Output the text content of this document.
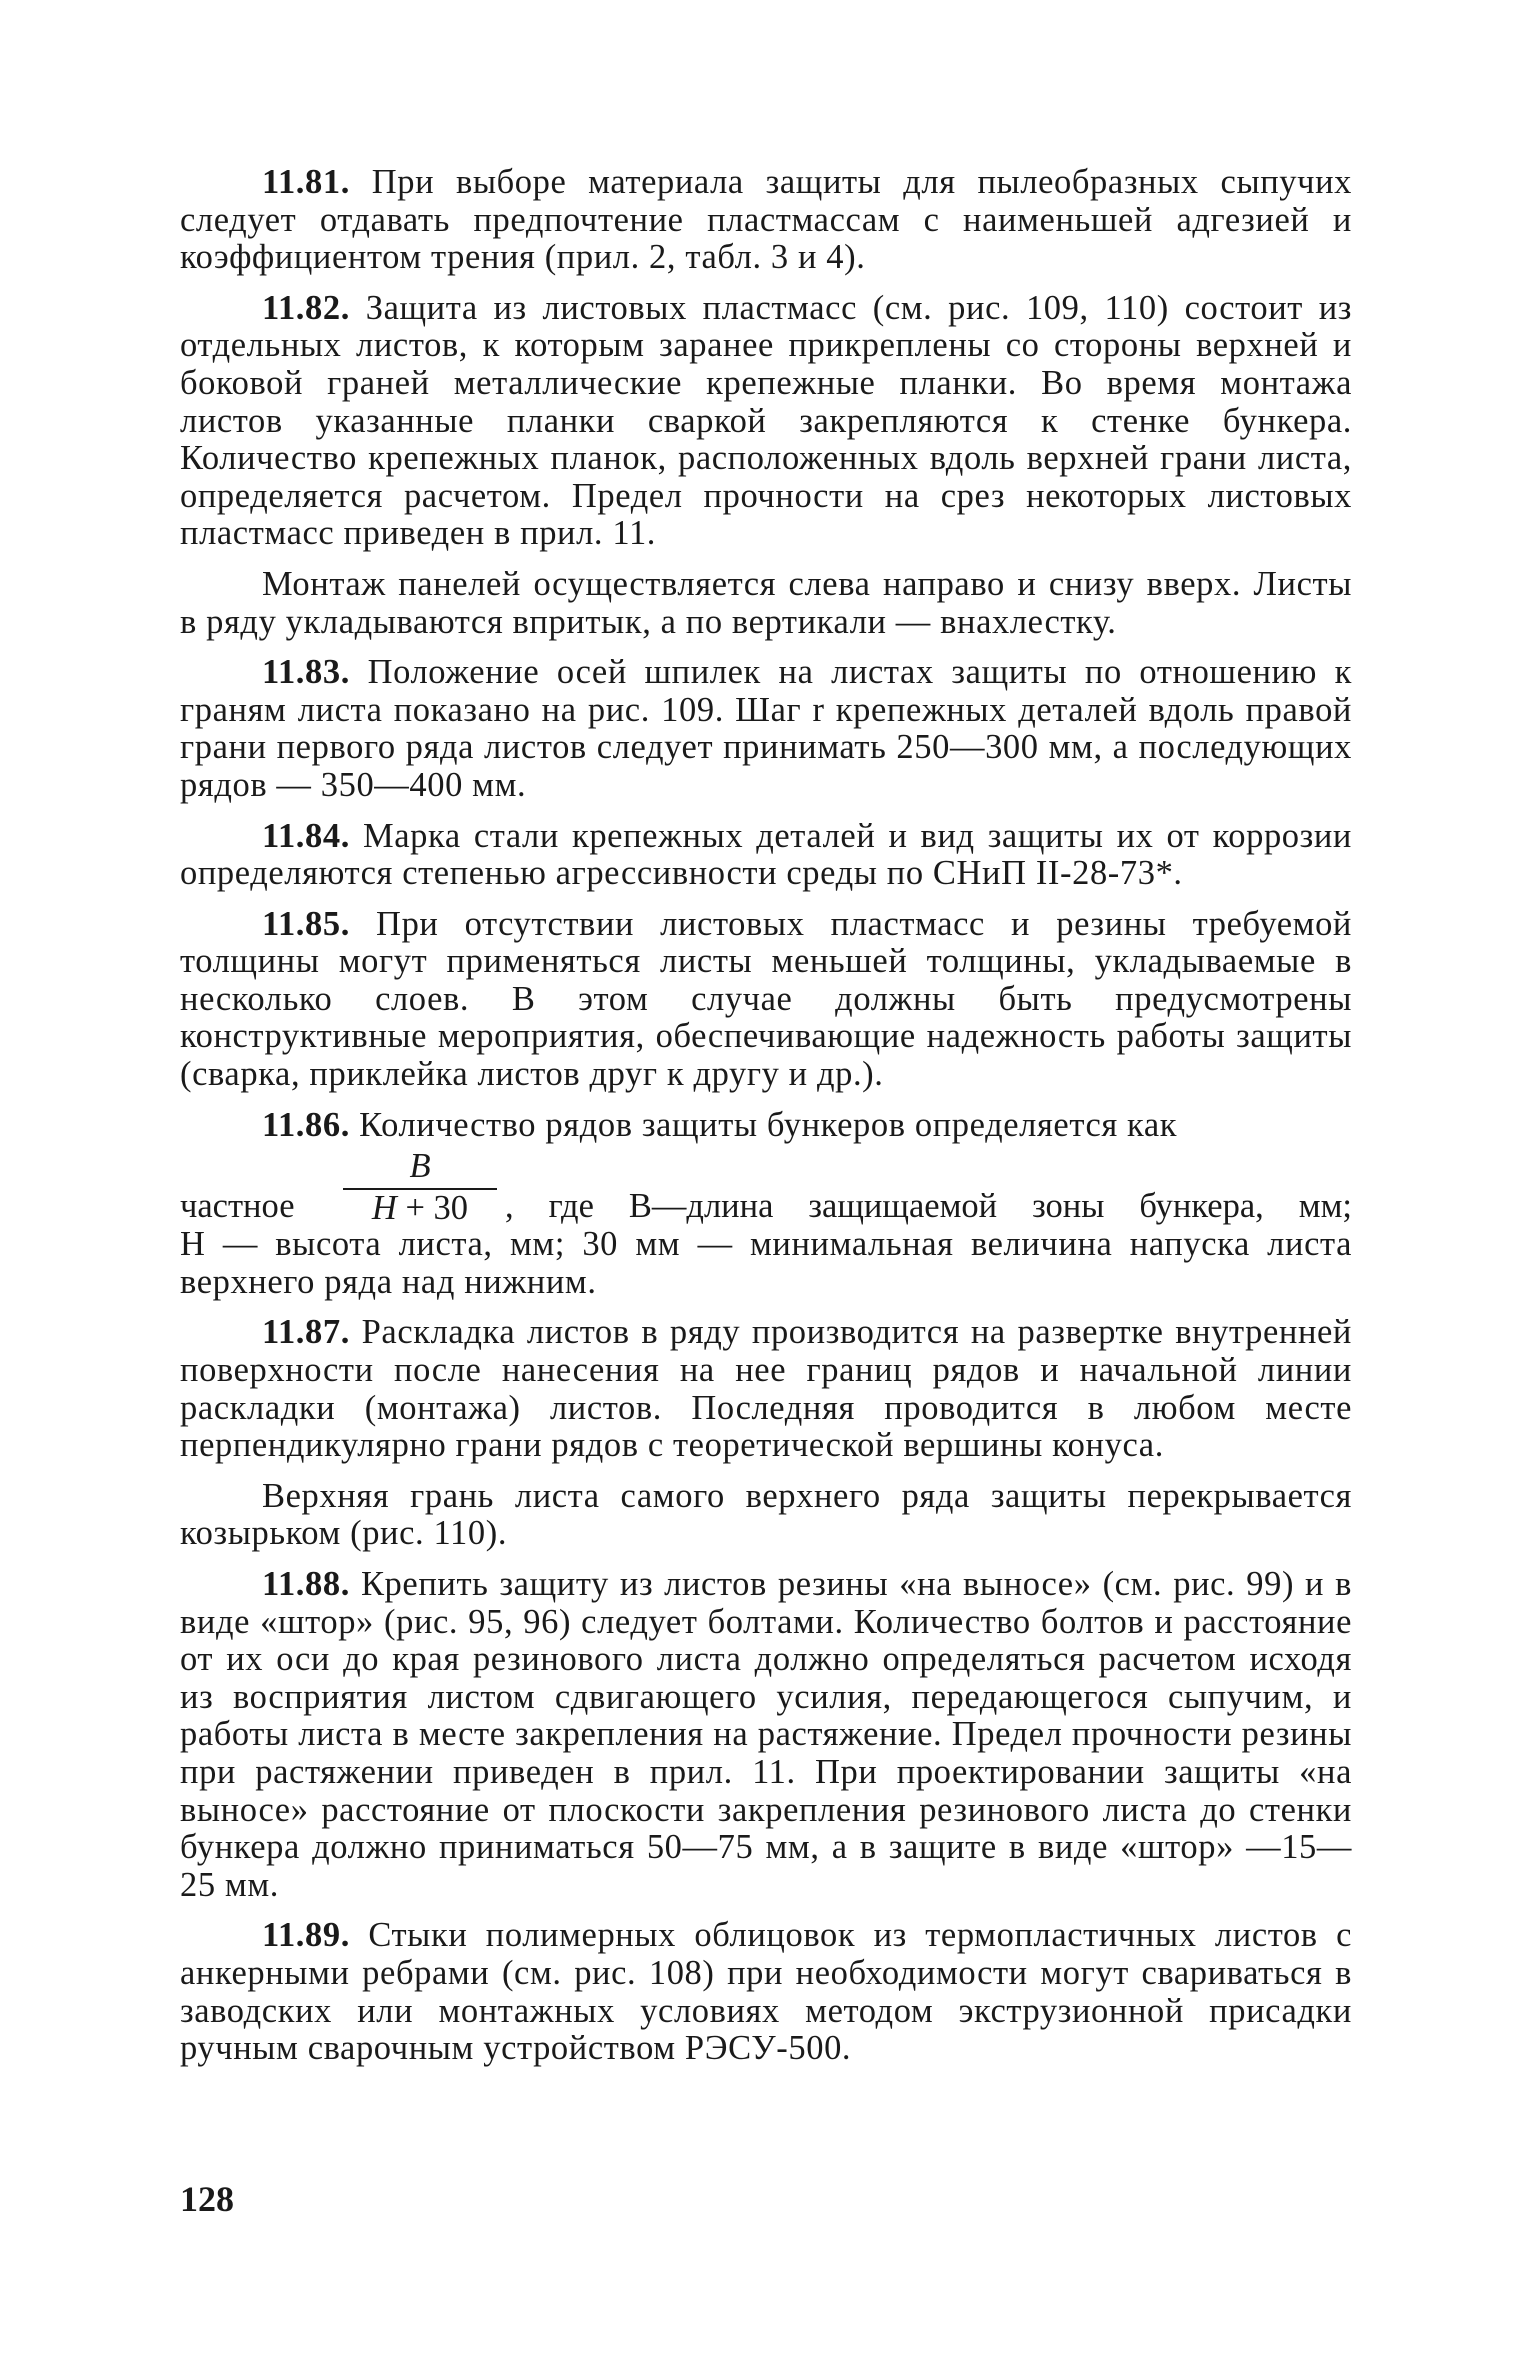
11.81. При выборе материала защиты для пылеобразных сыпучих следует отдавать предпочтение пластмассам с наименьшей адгезией и коэффициентом трения (прил. 2, табл. 3 и 4).

11.82. Защита из листовых пластмасс (см. рис. 109, 110) состоит из отдельных листов, к которым заранее прикреплены со стороны верхней и боковой граней металлические крепежные планки. Во время монтажа листов указанные планки сваркой закрепляются к стенке бункера. Количество крепежных планок, расположенных вдоль верхней грани листа, определяется расчетом. Предел прочности на срез некоторых листовых пластмасс приведен в прил. 11.

Монтаж панелей осуществляется слева направо и снизу вверх. Листы в ряду укладываются впритык, а по вертикали — внахлестку.

11.83. Положение осей шпилек на листах защиты по отношению к граням листа показано на рис. 109. Шаг r крепежных деталей вдоль правой грани первого ряда листов следует принимать 250—300 мм, а последующих рядов — 350—400 мм.

11.84. Марка стали крепежных деталей и вид защиты их от коррозии определяются степенью агрессивности среды по СНиП II-28-73*.

11.85. При отсутствии листовых пластмасс и резины требуемой толщины могут применяться листы меньшей толщины, укладываемые в несколько слоев. В этом случае должны быть предусмотрены конструктивные мероприятия, обеспечивающие надежность работы защиты (сварка, приклейка листов друг к другу и др.).

11.86. Количество рядов защиты бункеров определяется как

частное
B
H + 30	, где B—длина защищаемой зоны бункера, мм;

H — высота листа, мм; 30 мм — минимальная величина напуска листа верхнего ряда над нижним.

11.87. Раскладка листов в ряду производится на развертке внутренней поверхности после нанесения на нее границ рядов и начальной линии раскладки (монтажа) листов. Последняя проводится в любом месте перпендикулярно грани рядов с теоретической вершины конуса.

Верхняя грань листа самого верхнего ряда защиты перекрывается козырьком (рис. 110).

11.88. Крепить защиту из листов резины «на выносе» (см. рис. 99) и в виде «штор» (рис. 95, 96) следует болтами. Количество болтов и расстояние от их оси до края резинового листа должно определяться расчетом исходя из восприятия листом сдвигающего усилия, передающегося сыпучим, и работы листа в месте закрепления на растяжение. Предел прочности резины при растяжении приведен в прил. 11. При проектировании защиты «на выносе» расстояние от плоскости закрепления резинового листа до стенки бункера должно приниматься 50—75 мм, а в защите в виде «штор» —15—25 мм.

11.89. Стыки полимерных облицовок из термопластичных листов с анкерными ребрами (см. рис. 108) при необходимости могут свариваться в заводских или монтажных условиях методом экструзионной присадки ручным сварочным устройством РЭСУ-500.

128
